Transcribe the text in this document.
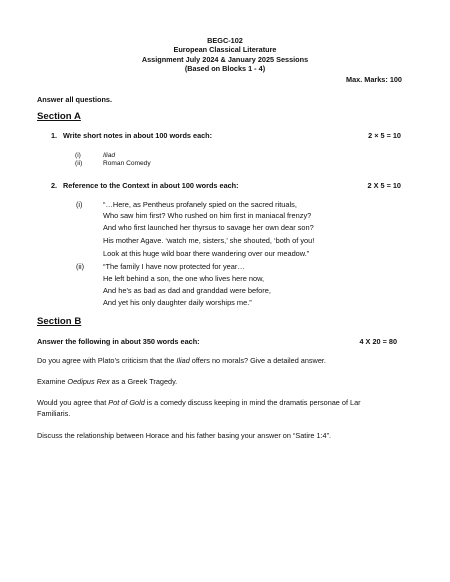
BEGC-102
European Classical Literature
Assignment July 2024 & January 2025 Sessions
(Based on Blocks 1 - 4)
Max. Marks: 100
Answer all questions.
Section A
1. Write short notes in about 100 words each:	2 × 5 = 10
(i)	Iliad
(ii)	Roman Comedy
2. Reference to the Context in about 100 words each:	2 X 5 = 10
(i)	“…Here, as Pentheus profanely spied on the sacred rituals,
Who saw him first? Who rushed on him first in maniacal frenzy?
And who first launched her thyrsus to savage her own dear son?
His mother Agave. ‘watch me, sisters,’ she shouted, ‘both of you!
Look at this huge wild boar there wandering over our meadow.”
(ii)	“The family I have now protected for year…
He left behind a son, the one who lives here now,
And he’s as bad as dad and granddad were before,
And yet his only daughter daily worships me.”
Section B
Answer the following in about 350 words each:	4 X 20 = 80
Do you agree with Plato’s criticism that the Iliad offers no morals? Give a detailed answer.
Examine Oedipus Rex as a Greek Tragedy.
Would you agree that Pot of Gold is a comedy discuss keeping in mind the dramatis personae of Lar
Familiaris.
Discuss the relationship between Horace and his father basing your answer on “Satire 1:4”.
